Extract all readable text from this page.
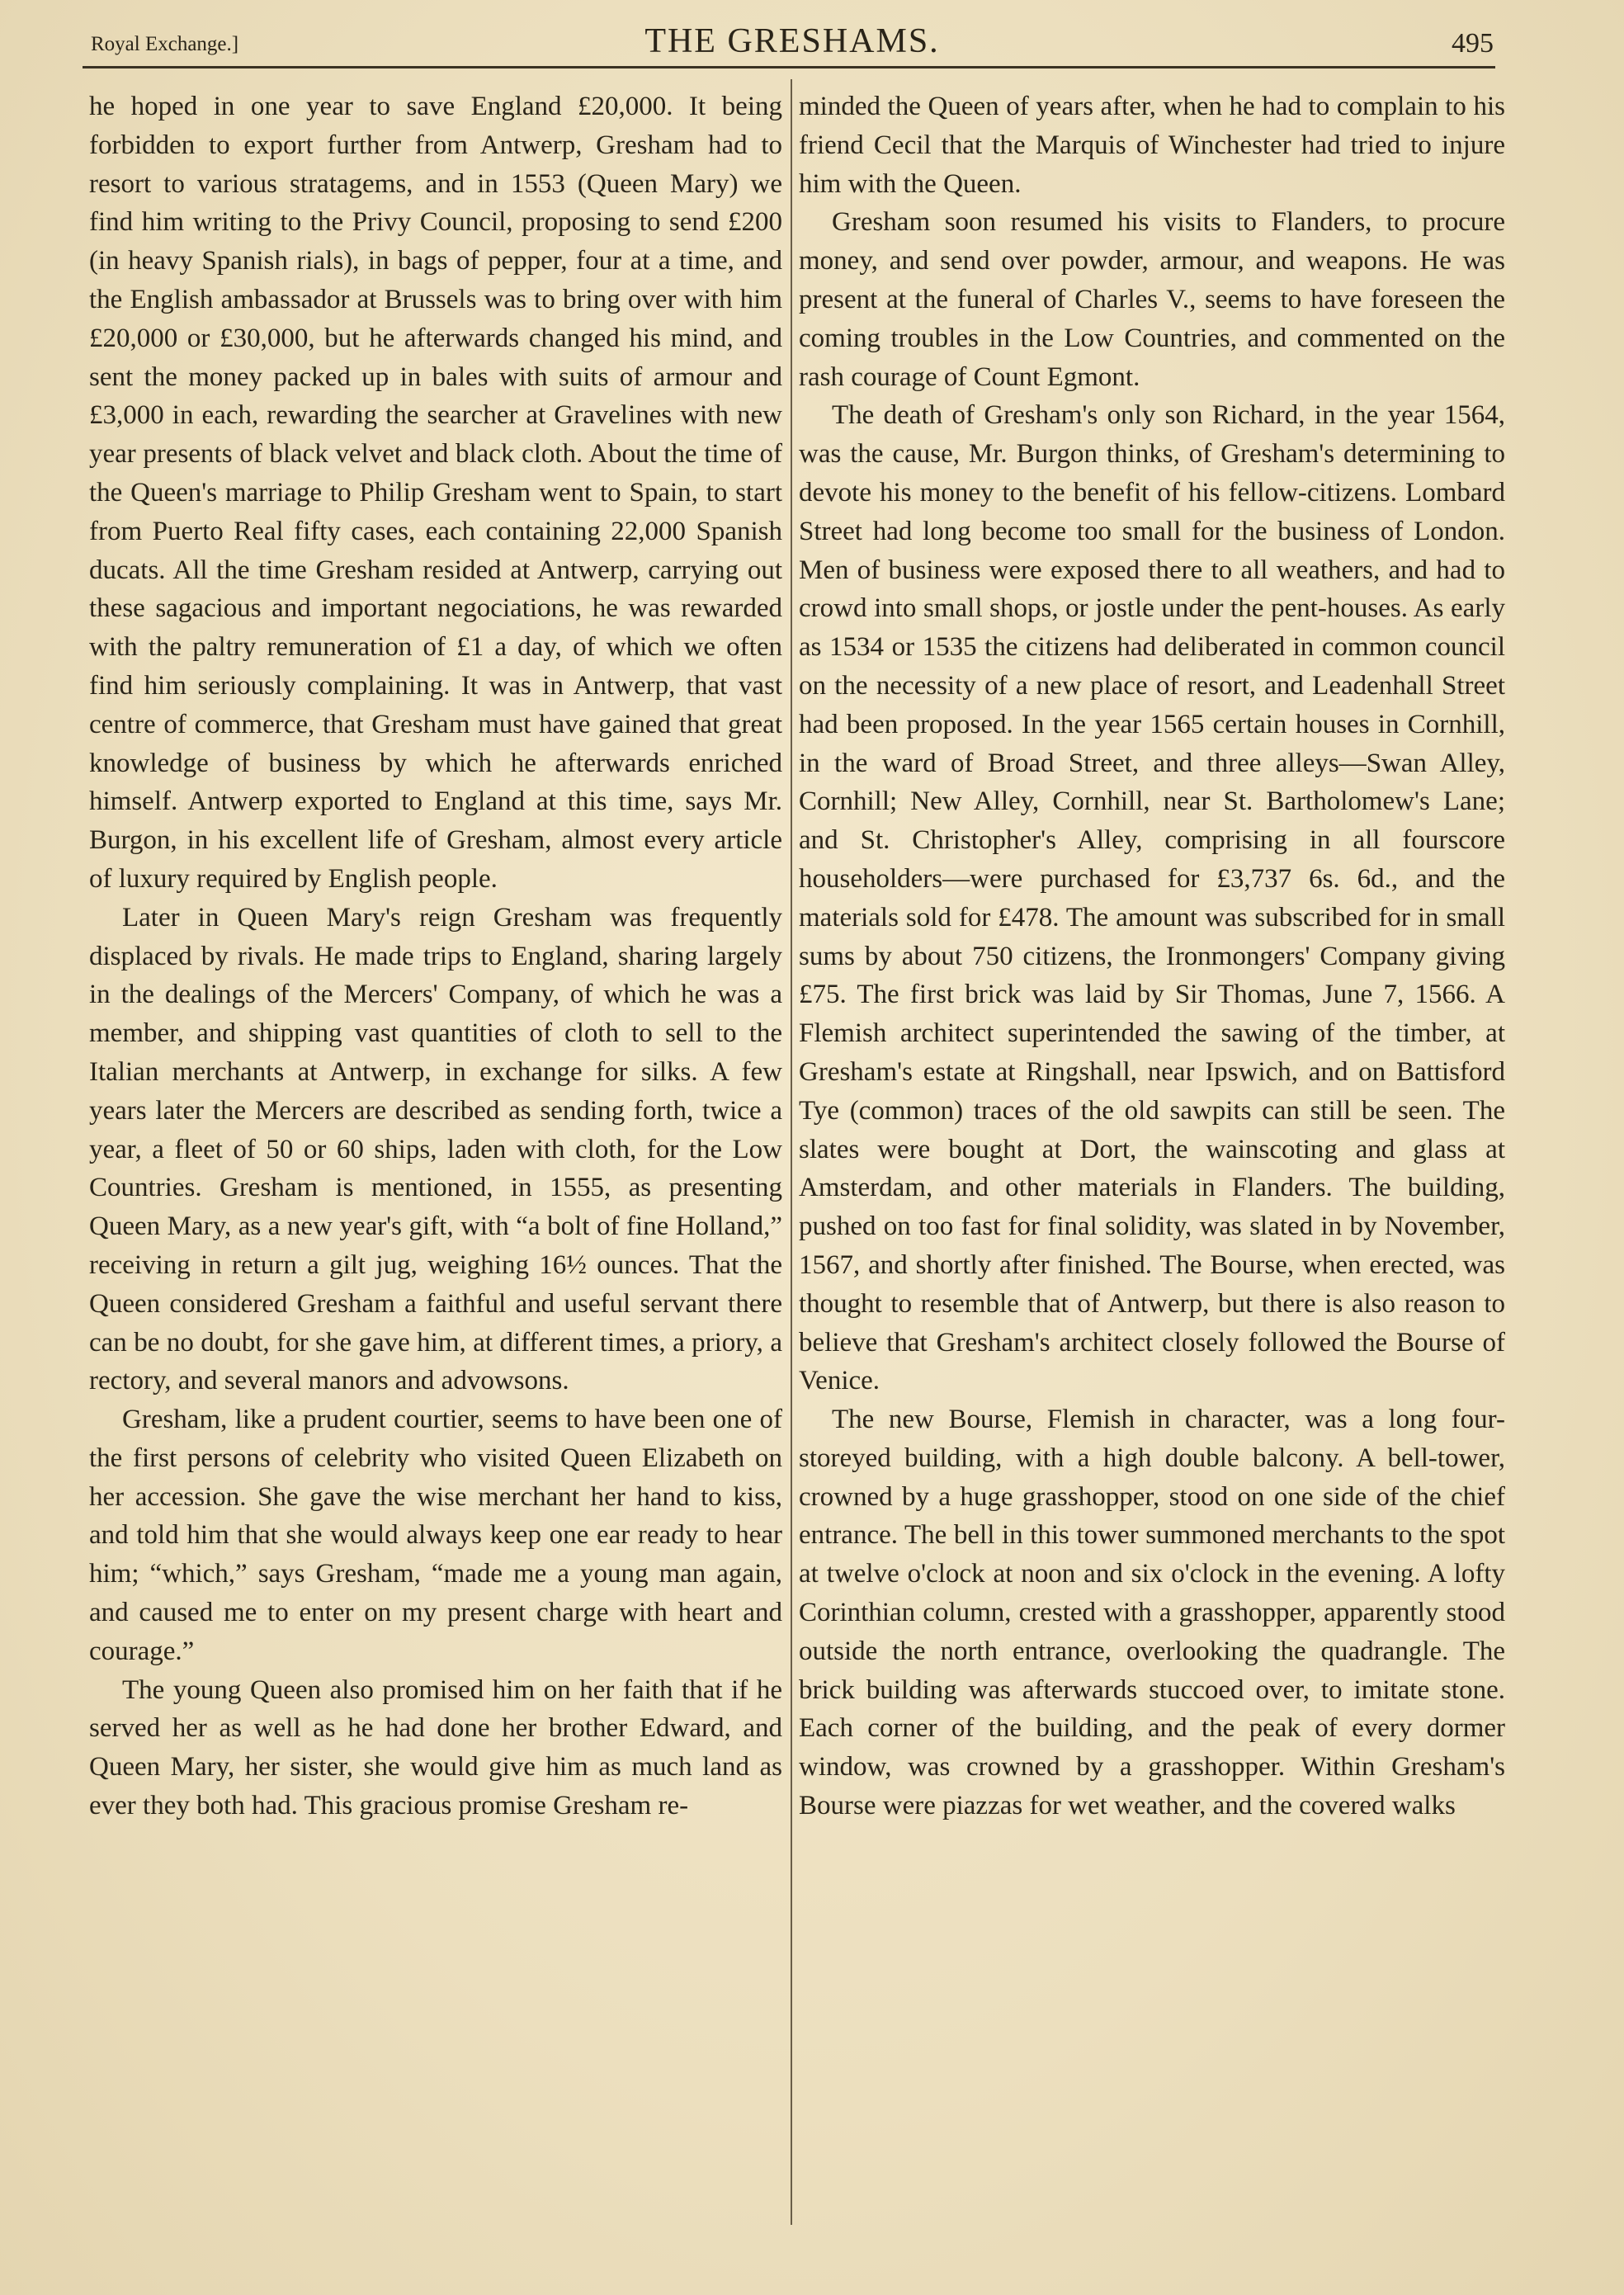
Royal Exchange.]	THE GRESHAMS.	495

he hoped in one year to save England £20,000. It being forbidden to export further from Antwerp, Gresham had to resort to various stratagems, and in 1553 (Queen Mary) we find him writing to the Privy Council, proposing to send £200 (in heavy Spanish rials), in bags of pepper, four at a time, and the English ambassador at Brussels was to bring over with him £20,000 or £30,000, but he afterwards changed his mind, and sent the money packed up in bales with suits of armour and £3,000 in each, rewarding the searcher at Gravelines with new year presents of black velvet and black cloth. About the time of the Queen's marriage to Philip Gresham went to Spain, to start from Puerto Real fifty cases, each containing 22,000 Spanish ducats. All the time Gresham resided at Antwerp, carrying out these sagacious and important negociations, he was rewarded with the paltry remuneration of £1 a day, of which we often find him seriously complaining. It was in Antwerp, that vast centre of commerce, that Gresham must have gained that great knowledge of business by which he afterwards enriched himself. Antwerp exported to England at this time, says Mr. Burgon, in his excellent life of Gresham, almost every article of luxury required by English people.

Later in Queen Mary's reign Gresham was frequently displaced by rivals. He made trips to England, sharing largely in the dealings of the Mercers' Company, of which he was a member, and shipping vast quantities of cloth to sell to the Italian merchants at Antwerp, in exchange for silks. A few years later the Mercers are described as sending forth, twice a year, a fleet of 50 or 60 ships, laden with cloth, for the Low Countries. Gresham is mentioned, in 1555, as presenting Queen Mary, as a new year's gift, with “a bolt of fine Holland,” receiving in return a gilt jug, weighing 16½ ounces. That the Queen considered Gresham a faithful and useful servant there can be no doubt, for she gave him, at different times, a priory, a rectory, and several manors and advowsons.

Gresham, like a prudent courtier, seems to have been one of the first persons of celebrity who visited Queen Elizabeth on her accession. She gave the wise merchant her hand to kiss, and told him that she would always keep one ear ready to hear him; “which,” says Gresham, “made me a young man again, and caused me to enter on my present charge with heart and courage.”

The young Queen also promised him on her faith that if he served her as well as he had done her brother Edward, and Queen Mary, her sister, she would give him as much land as ever they both had. This gracious promise Gresham re-

minded the Queen of years after, when he had to complain to his friend Cecil that the Marquis of Winchester had tried to injure him with the Queen.

Gresham soon resumed his visits to Flanders, to procure money, and send over powder, armour, and weapons. He was present at the funeral of Charles V., seems to have foreseen the coming troubles in the Low Countries, and commented on the rash courage of Count Egmont.

The death of Gresham's only son Richard, in the year 1564, was the cause, Mr. Burgon thinks, of Gresham's determining to devote his money to the benefit of his fellow-citizens. Lombard Street had long become too small for the business of London. Men of business were exposed there to all weathers, and had to crowd into small shops, or jostle under the pent-houses. As early as 1534 or 1535 the citizens had deliberated in common council on the necessity of a new place of resort, and Leadenhall Street had been proposed. In the year 1565 certain houses in Cornhill, in the ward of Broad Street, and three alleys—Swan Alley, Cornhill; New Alley, Cornhill, near St. Bartholomew's Lane; and St. Christopher's Alley, comprising in all fourscore householders—were purchased for £3,737 6s. 6d., and the materials sold for £478. The amount was subscribed for in small sums by about 750 citizens, the Ironmongers' Company giving £75. The first brick was laid by Sir Thomas, June 7, 1566. A Flemish architect superintended the sawing of the timber, at Gresham's estate at Ringshall, near Ipswich, and on Battisford Tye (common) traces of the old sawpits can still be seen. The slates were bought at Dort, the wainscoting and glass at Amsterdam, and other materials in Flanders. The building, pushed on too fast for final solidity, was slated in by November, 1567, and shortly after finished. The Bourse, when erected, was thought to resemble that of Antwerp, but there is also reason to believe that Gresham's architect closely followed the Bourse of Venice.

The new Bourse, Flemish in character, was a long four-storeyed building, with a high double balcony. A bell-tower, crowned by a huge grasshopper, stood on one side of the chief entrance. The bell in this tower summoned merchants to the spot at twelve o'clock at noon and six o'clock in the evening. A lofty Corinthian column, crested with a grasshopper, apparently stood outside the north entrance, overlooking the quadrangle. The brick building was afterwards stuccoed over, to imitate stone. Each corner of the building, and the peak of every dormer window, was crowned by a grasshopper. Within Gresham's Bourse were piazzas for wet weather, and the covered walks
